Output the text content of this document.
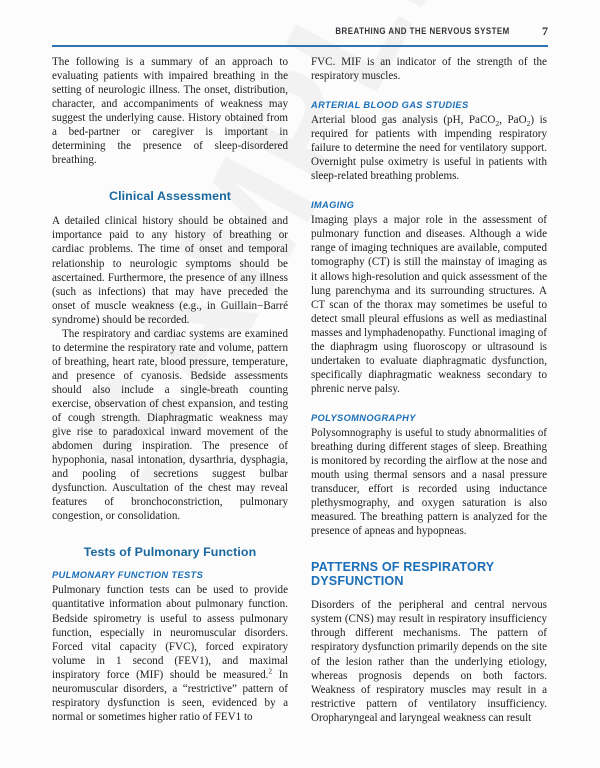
BREATHING AND THE NERVOUS SYSTEM	7

The following is a summary of an approach to evaluating patients with impaired breathing in the setting of neurologic illness. The onset, distribution, character, and accompaniments of weakness may suggest the underlying cause. History obtained from a bed-partner or caregiver is important in determining the presence of sleep-disordered breathing.

Clinical Assessment

A detailed clinical history should be obtained and importance paid to any history of breathing or cardiac problems. The time of onset and temporal relationship to neurologic symptoms should be ascertained. Furthermore, the presence of any illness (such as infections) that may have preceded the onset of muscle weakness (e.g., in Guillain−Barré syndrome) should be recorded.

The respiratory and cardiac systems are examined to determine the respiratory rate and volume, pattern of breathing, heart rate, blood pressure, temperature, and presence of cyanosis. Bedside assessments should also include a single-breath counting exercise, observation of chest expansion, and testing of cough strength. Diaphragmatic weakness may give rise to paradoxical inward movement of the abdomen during inspiration. The presence of hypophonia, nasal intonation, dysarthria, dysphagia, and pooling of secretions suggest bulbar dysfunction. Auscultation of the chest may reveal features of bronchoconstriction, pulmonary congestion, or consolidation.

Tests of Pulmonary Function
PULMONARY FUNCTION TESTS

Pulmonary function tests can be used to provide quantitative information about pulmonary function. Bedside spirometry is useful to assess pulmonary function, especially in neuromuscular disorders. Forced vital capacity (FVC), forced expiratory volume in 1 second (FEV1), and maximal inspiratory force (MIF) should be measured.$^2$ In neuromuscular disorders, a “restrictive” pattern of respiratory dysfunction is seen, evidenced by a normal or sometimes higher ratio of FEV1 to

FVC. MIF is an indicator of the strength of the respiratory muscles.

ARTERIAL BLOOD GAS STUDIES

Arterial blood gas analysis (pH, PaCO$_2$, PaO$_2$) is required for patients with impending respiratory failure to determine the need for ventilatory support. Overnight pulse oximetry is useful in patients with sleep-related breathing problems.

IMAGING

Imaging plays a major role in the assessment of pulmonary function and diseases. Although a wide range of imaging techniques are available, computed tomography (CT) is still the mainstay of imaging as it allows high-resolution and quick assessment of the lung parenchyma and its surrounding structures. A CT scan of the thorax may sometimes be useful to detect small pleural effusions as well as mediastinal masses and lymphadenopathy. Functional imaging of the diaphragm using fluoroscopy or ultrasound is undertaken to evaluate diaphragmatic dysfunction, specifically diaphragmatic weakness secondary to phrenic nerve palsy.

POLYSOMNOGRAPHY

Polysomnography is useful to study abnormalities of breathing during different stages of sleep. Breathing is monitored by recording the airflow at the nose and mouth using thermal sensors and a nasal pressure transducer, effort is recorded using inductance plethysmography, and oxygen saturation is also measured. The breathing pattern is analyzed for the presence of apneas and hypopneas.

PATTERNS OF RESPIRATORY DYSFUNCTION

Disorders of the peripheral and central nervous system (CNS) may result in respiratory insufficiency through different mechanisms. The pattern of respiratory dysfunction primarily depends on the site of the lesion rather than the underlying etiology, whereas prognosis depends on both factors. Weakness of respiratory muscles may result in a restrictive pattern of ventilatory insufficiency. Oropharyngeal and laryngeal weakness can result
